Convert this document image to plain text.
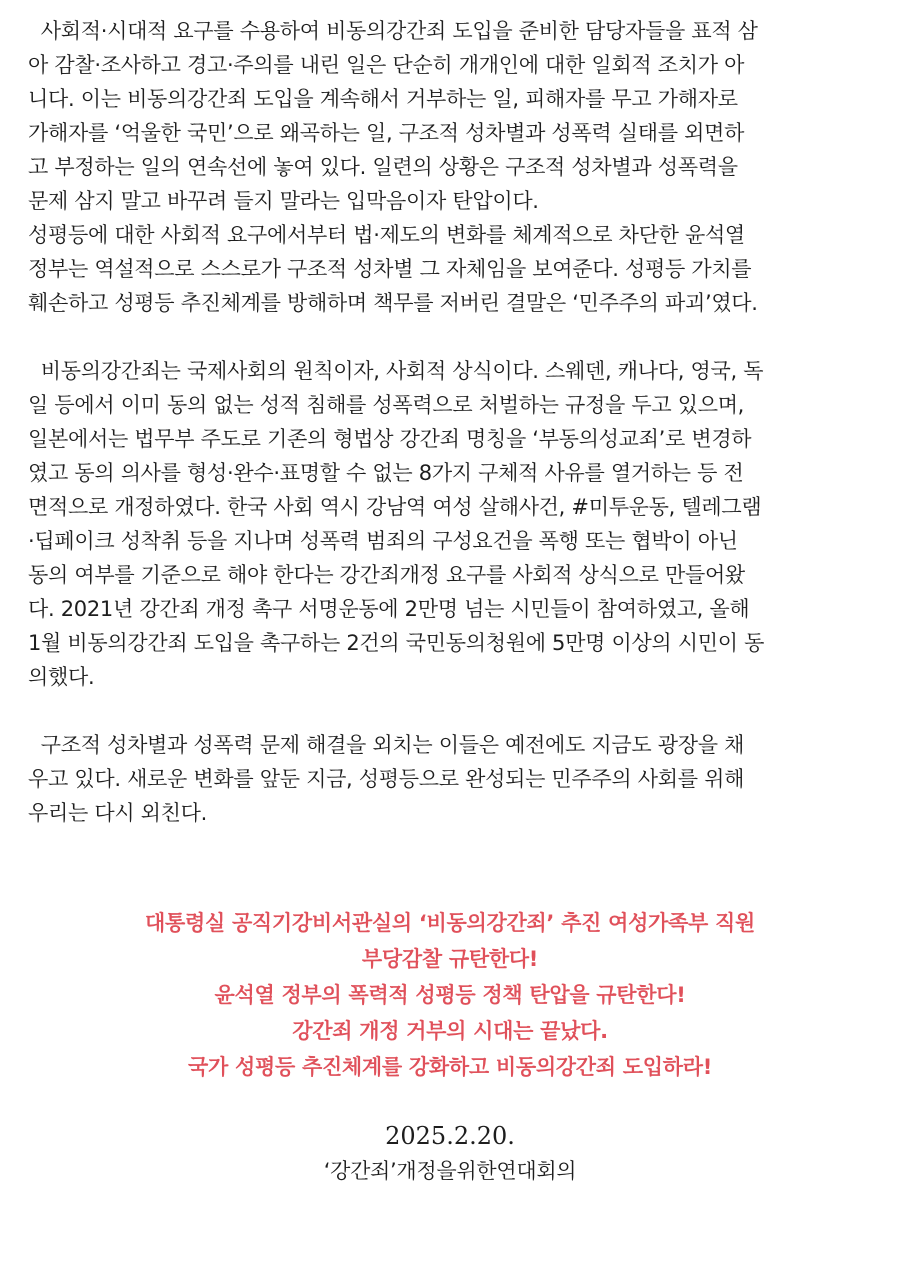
사회적·시대적 요구를 수용하여 비동의강간죄 도입을 준비한 담당자들을 표적 삼
아 감찰·조사하고 경고·주의를 내린 일은 단순히 개개인에 대한 일회적 조치가 아
니다. 이는 비동의강간죄 도입을 계속해서 거부하는 일, 피해자를 무고 가해자로
가해자를 ‘억울한 국민’으로 왜곡하는 일, 구조적 성차별과 성폭력 실태를 외면하
고 부정하는 일의 연속선에 놓여 있다. 일련의 상황은 구조적 성차별과 성폭력을
문제 삼지 말고 바꾸려 들지 말라는 입막음이자 탄압이다.
성평등에 대한 사회적 요구에서부터 법·제도의 변화를 체계적으로 차단한 윤석열
정부는 역설적으로 스스로가 구조적 성차별 그 자체임을 보여준다. 성평등 가치를
훼손하고 성평등 추진체계를 방해하며 책무를 저버린 결말은 ‘민주주의 파괴’였다.
비동의강간죄는 국제사회의 원칙이자, 사회적 상식이다. 스웨덴, 캐나다, 영국, 독
일 등에서 이미 동의 없는 성적 침해를 성폭력으로 처벌하는 규정을 두고 있으며,
일본에서는 법무부 주도로 기존의 형법상 강간죄 명칭을 ‘부동의성교죄’로 변경하
였고 동의 의사를 형성·완수·표명할 수 없는 8가지 구체적 사유를 열거하는 등 전
면적으로 개정하였다. 한국 사회 역시 강남역 여성 살해사건, #미투운동, 텔레그램
·딥페이크 성착취 등을 지나며 성폭력 범죄의 구성요건을 폭행 또는 협박이 아닌
동의 여부를 기준으로 해야 한다는 강간죄개정 요구를 사회적 상식으로 만들어왔
다. 2021년 강간죄 개정 촉구 서명운동에 2만명 넘는 시민들이 참여하였고, 올해
1월 비동의강간죄 도입을 촉구하는 2건의 국민동의청원에 5만명 이상의 시민이 동
의했다.
구조적 성차별과 성폭력 문제 해결을 외치는 이들은 예전에도 지금도 광장을 채
우고 있다. 새로운 변화를 앞둔 지금, 성평등으로 완성되는 민주주의 사회를 위해
우리는 다시 외친다.
대통령실 공직기강비서관실의 ‘비동의강간죄’ 추진 여성가족부 직원
부당감찰 규탄한다!
윤석열 정부의 폭력적 성평등 정책 탄압을 규탄한다!
강간죄 개정 거부의 시대는 끝났다.
국가 성평등 추진체계를 강화하고 비동의강간죄 도입하라!
2025.2.20.
‘강간죄’개정을위한연대회의
